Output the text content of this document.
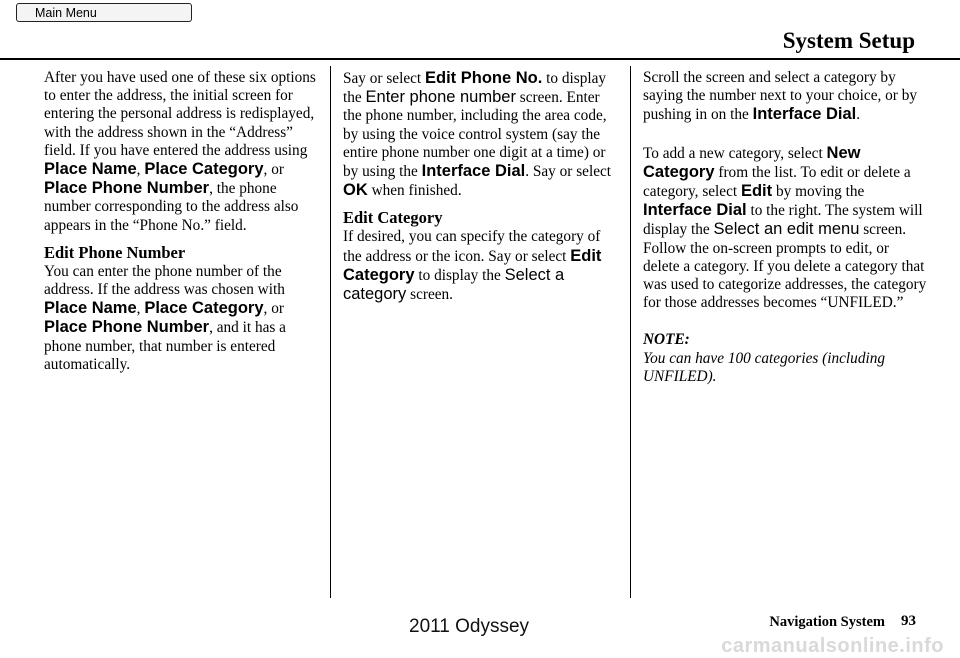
Main Menu
System Setup

After you have used one of these six options to enter the address, the initial screen for entering the personal address is redisplayed, with the address shown in the “Address” field. If you have entered the address using Place Name, Place Category, or Place Phone Number, the phone number corresponding to the address also appears in the “Phone No.” field.

Edit Phone Number

You can enter the phone number of the address. If the address was chosen with Place Name, Place Category, or Place Phone Number, and it has a phone number, that number is entered automatically.

Say or select Edit Phone No. to display the Enter phone number screen. Enter the phone number, including the area code, by using the voice control system (say the entire phone number one digit at a time) or by using the Interface Dial. Say or select OK when finished.

Edit Category

If desired, you can specify the category of the address or the icon. Say or select Edit Category to display the Select a category screen.

Scroll the screen and select a category by saying the number next to your choice, or by pushing in on the Interface Dial.

To add a new category, select New Category from the list. To edit or delete a category, select Edit by moving the Interface Dial to the right. The system will display the Select an edit menu screen. Follow the on-screen prompts to edit, or delete a category. If you delete a category that was used to categorize addresses, the category for those addresses becomes “UNFILED.”

NOTE:

You can have 100 categories (including UNFILED).

Navigation System 93
2011 Odyssey
carmanualsonline.info
